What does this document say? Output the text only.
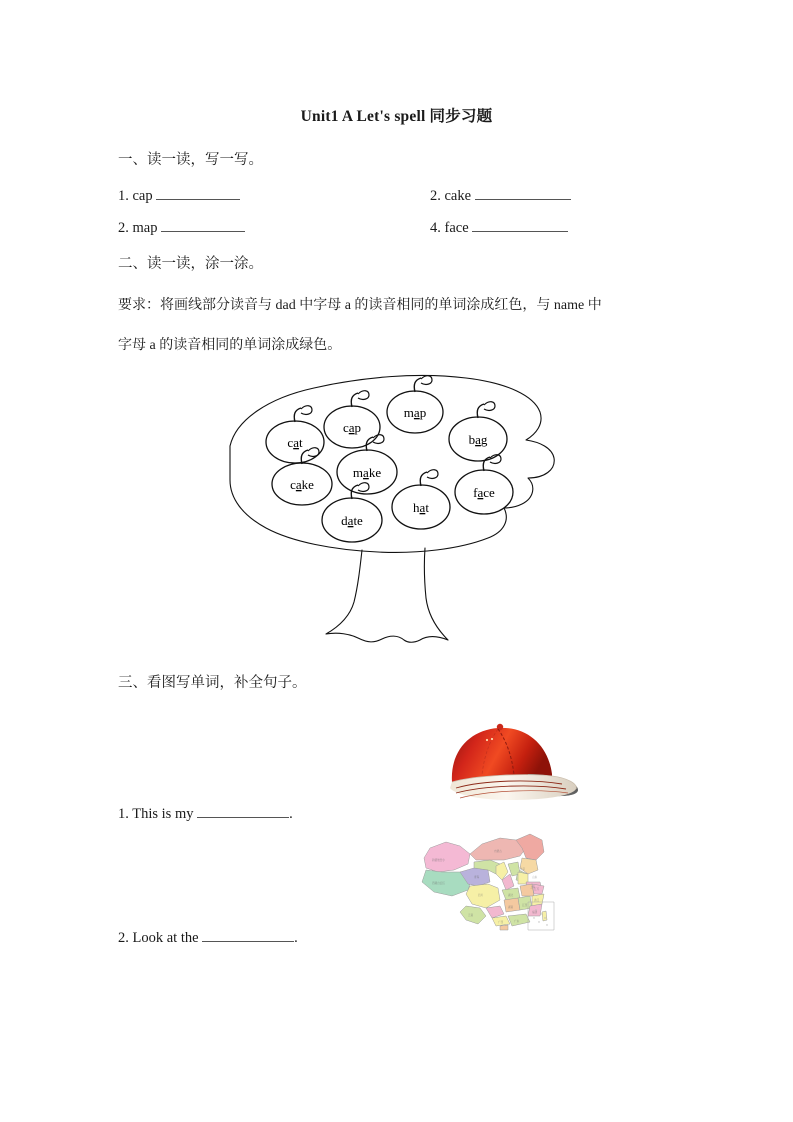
Unit1 A Let's spell 同步习题
一、读一读，写一写。
1. cap	2. cake
2. map	4. face
二、读一读，涂一涂。
要求：将画线部分读音与 dad 中字母 a 的读音相同的单词涂成红色，与 name 中
字母 a 的读音相同的单词涂成绿色。
cat
cake
cap
make
map
date
hat
bag
face
三、看图写单词，补全句子。
1. This is my	.
新疆维吾尔
西藏自治区
内蒙古
青海
四川
云南
湖北
湖南
江西
江苏
浙江
福建
广东
广西
上海
山东
北京
2. Look at the	.
